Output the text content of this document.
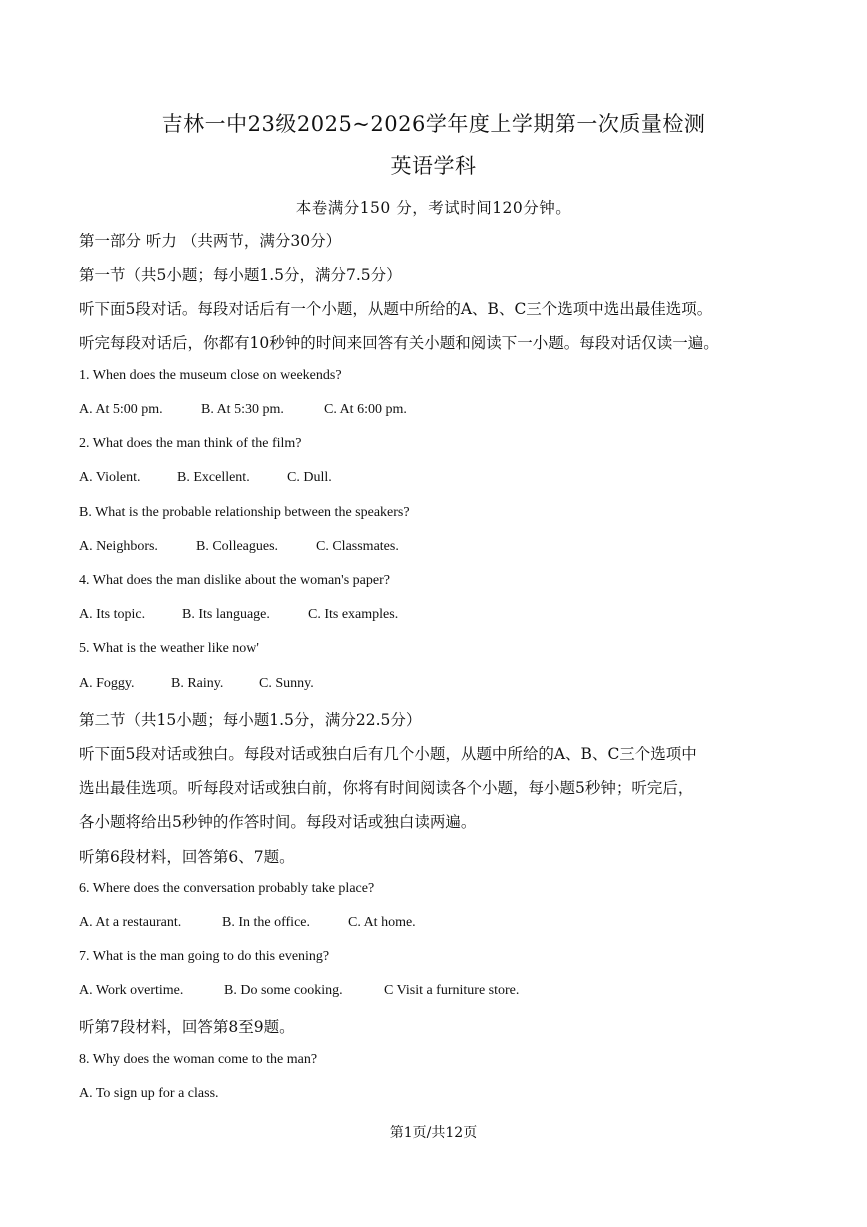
吉林一中23级2025~2026学年度上学期第一次质量检测
英语学科
本卷满分150 分，考试时间120分钟。
第一部分 听力 （共两节，满分30分）
第一节（共5小题；每小题1.5分，满分7.5分）
听下面5段对话。每段对话后有一个小题，从题中所给的A、B、C三个选项中选出最佳选项。
听完每段对话后，你都有10秒钟的时间来回答有关小题和阅读下一小题。每段对话仅读一遍。
1. When does the museum close on weekends?
A. At 5:00 pm.	B. At 5:30 pm.	C. At 6:00 pm.
2. What does the man think of the film?
A. Violent.	B. Excellent.	C. Dull.
B. What is the probable relationship between the speakers?
A. Neighbors.	B. Colleagues.	C. Classmates.
4. What does the man dislike about the woman's paper?
A. Its topic.	B. Its language.	C. Its examples.
5. What is the weather like now'
A. Foggy.	B. Rainy.	C. Sunny.
第二节（共15小题；每小题1.5分，满分22.5分）
听下面5段对话或独白。每段对话或独白后有几个小题，从题中所给的A、B、C三个选项中
选出最佳选项。听每段对话或独白前，你将有时间阅读各个小题，每小题5秒钟；听完后，
各小题将给出5秒钟的作答时间。每段对话或独白读两遍。
听第6段材料，回答第6、7题。
6. Where does the conversation probably take place?
A. At a restaurant.	B. In the office.	C. At home.
7. What is the man going to do this evening?
A. Work overtime.	B. Do some cooking.	C Visit a furniture store.
听第7段材料，回答第8至9题。
8. Why does the woman come to the man?
A. To sign up for a class.
第1页/共12页
